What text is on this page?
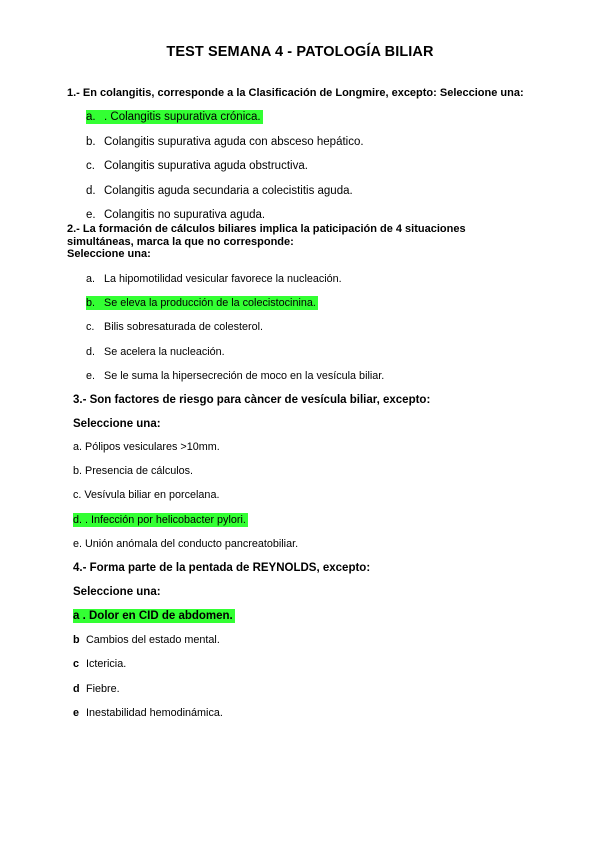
TEST SEMANA 4 - PATOLOGÍA BILIAR
1.- En colangitis, corresponde a la Clasificación de Longmire, excepto: Seleccione una:
a. . Colangitis supurativa crónica.
b. Colangitis supurativa aguda con absceso hepático.
c. Colangitis supurativa aguda obstructiva.
d. Colangitis aguda secundaria a colecistitis aguda.
e. Colangitis no supurativa aguda.
2.- La formación de cálculos biliares implica la paticipación de 4 situaciones
simultáneas, marca la que no corresponde:
Seleccione una:
a. La hipomotilidad vesicular favorece la nucleación.
b. Se eleva la producción de la colecistocinina.
c. Bilis sobresaturada de colesterol.
d. Se acelera la nucleación.
e. Se le suma la hipersecreción de moco en la vesícula biliar.
3.- Son factores de riesgo para càncer de vesícula biliar, excepto:
Seleccione una:
a. Pólipos vesiculares >10mm.
b. Presencia de cálculos.
c. Vesívula biliar en porcelana.
d. . Infección por helicobacter pylori.
e. Unión anómala del conducto pancreatobiliar.
4.- Forma parte de la pentada de REYNOLDS, excepto:
Seleccione una:
a . Dolor en CID de abdomen.
b Cambios del estado mental.
c Ictericia.
d Fiebre.
e Inestabilidad hemodinámica.
